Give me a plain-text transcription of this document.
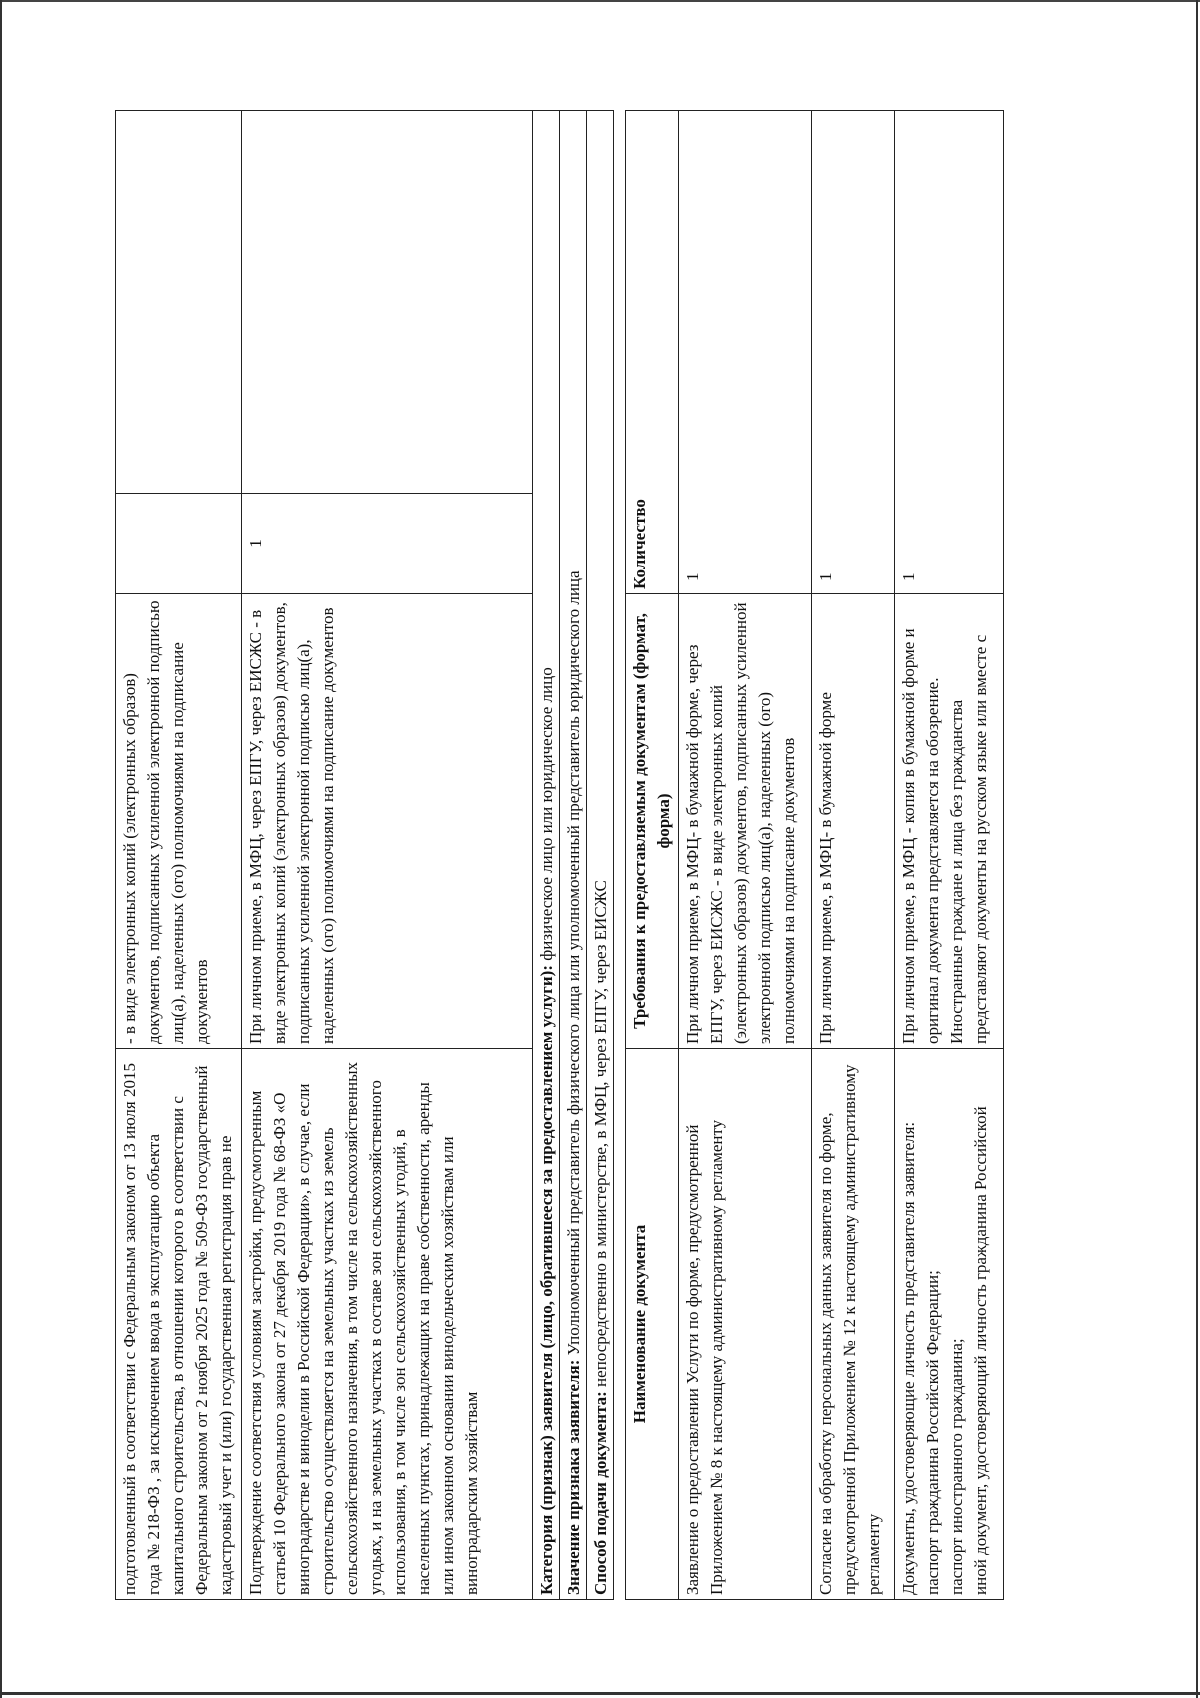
подготовленный в соответствии с Федеральным законом от 13 июля 2015 года № 218-ФЗ , за исключением ввода в эксплуатацию объекта капитального строительства, в отношении которого в соответствии с Федеральным законом от 2 ноября 2025 года № 509-ФЗ государственный кадастровый учет и (или) государственная регистрация прав не
- в виде электронных копий (электронных образов) документов, подписанных усиленной электронной подписью лиц(а), наделенных (ого) полномочиями на подписание документов
Подтверждение соответствия условиям застройки, предусмотренным статьей 10 Федерального закона от 27 декабря 2019 года № 68-ФЗ «О виноградарстве и виноделии в Российской Федерации», в случае, если строительство осуществляется на земельных участках из земель сельскохозяйственного назначения, в том числе на сельскохозяйственных угодьях, и на земельных участках в составе зон сельскохозяйственного использования, в том числе зон сельскохозяйственных угодий, в населенных пунктах, принадлежащих на праве собственности, аренды или ином законном основании винодельческим хозяйствам или виноградарским хозяйствам
При личном приеме, в МФЦ, через ЕПГУ, через ЕИСЖС - в виде электронных копий (электронных образов) документов, подписанных усиленной электронной подписью лиц(а), наделенных (ого) полномочиями на подписание документов
1
Категория (признак) заявителя (лицо, обратившееся за предоставлением услуги): физическое лицо или юридическое лицо
Значение признака заявителя: Уполномоченный представитель физического лица или уполномоченный представитель юридического лица
Способ подачи документа: непосредственно в министерстве, в МФЦ, через ЕПГУ, через ЕИСЖС Наименование документа
Требования к предоставляемым документам (формат, форма)
Количество
Заявление о предоставлении Услуги по форме, предусмотренной Приложением № 8 к настоящему административному регламенту
При личном приеме, в МФЦ- в бумажной форме, через ЕПГУ, через ЕИСЖС - в виде электронных копий (электронных образов) документов, подписанных усиленной электронной подписью лиц(а), наделенных (ого) полномочиями на подписание документов
1
Согласие на обработку персональных данных заявителя по форме, предусмотренной Приложением № 12 к настоящему административному регламенту
При личном приеме, в МФЦ- в бумажной форме
1

Документы, удостоверяющие личность представителя заявителя: паспорт гражданина Российской Федерации; паспорт иностранного гражданина; иной документ, удостоверяющий личность гражданина Российской

При личном приеме, в МФЦ - копия в бумажной форме и оригинал документа представляется на обозрение. Иностранные граждане и лица без гражданства представляют документы на русском языке или вместе с
1
